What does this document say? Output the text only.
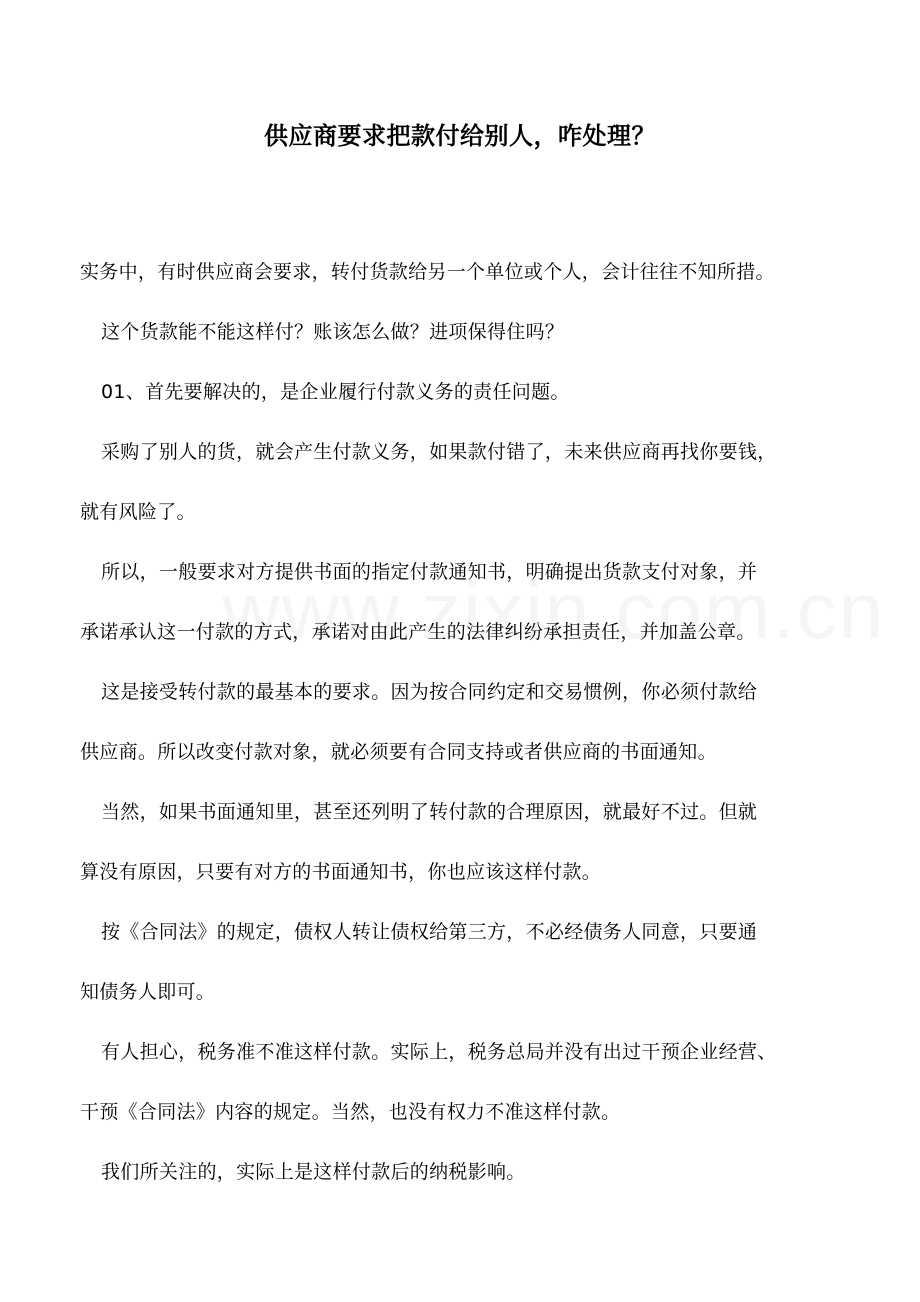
供应商要求把款付给别人，咋处理？
实务中，有时供应商会要求，转付货款给另一个单位或个人，会计往往不知所措。
这个货款能不能这样付？账该怎么做？进项保得住吗？
01、首先要解决的，是企业履行付款义务的责任问题。
采购了别人的货，就会产生付款义务，如果款付错了，未来供应商再找你要钱，
就有风险了。
所以，一般要求对方提供书面的指定付款通知书，明确提出货款支付对象，并
承诺承认这一付款的方式，承诺对由此产生的法律纠纷承担责任，并加盖公章。
这是接受转付款的最基本的要求。因为按合同约定和交易惯例，你必须付款给
供应商。所以改变付款对象，就必须要有合同支持或者供应商的书面通知。
当然，如果书面通知里，甚至还列明了转付款的合理原因，就最好不过。但就
算没有原因，只要有对方的书面通知书，你也应该这样付款。
按《合同法》的规定，债权人转让债权给第三方，不必经债务人同意，只要通
知债务人即可。
有人担心，税务准不准这样付款。实际上，税务总局并没有出过干预企业经营、
干预《合同法》内容的规定。当然，也没有权力不准这样付款。
我们所关注的，实际上是这样付款后的纳税影响。
